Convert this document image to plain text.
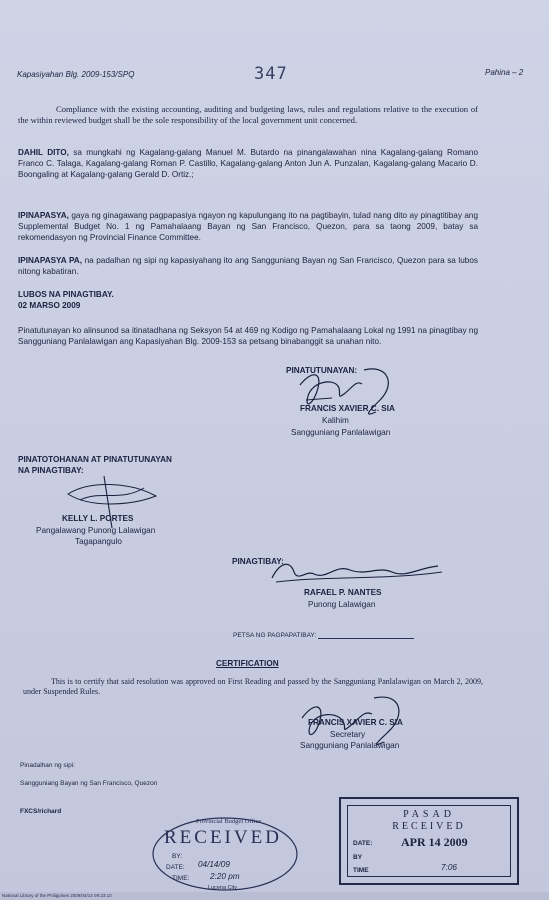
Kapasiyahan Blg. 2009-153/SPQ	347	Pahina – 2
Compliance with the existing accounting, auditing and budgeting laws, rules and regulations relative to the execution of the within reviewed budget shall be the sole responsibility of the local government unit concerned.
DAHIL DITO, sa mungkahi ng Kagalang-galang Manuel M. Butardo na pinangalawahan nina Kagalang-galang Romano Franco C. Talaga, Kagalang-galang Roman P. Castillo, Kagalang-galang Anton Jun A. Punzalan, Kagalang-galang Macario D. Boongaling at Kagalang-galang Gerald D. Ortiz.;
IPINAPASYA, gaya ng ginagawang pagpapasiya ngayon ng kapulungang ito na pagtibayin, tulad nang dito ay pinagtitibay ang Supplemental Budget No. 1 ng Pamahalaang Bayan ng San Francisco, Quezon, para sa taong 2009, batay sa rekomendasyon ng Provincial Finance Committee.
IPINAPASYA PA, na padalhan ng sipi ng kapasiyahang ito ang Sangguniang Bayan ng San Francisco, Quezon para sa lubos nitong kabatiran.
LUBOS NA PINAGTIBAY.
02 MARSO 2009
Pinatutunayan ko alinsunod sa itinatadhana ng Seksyon 54 at 469 ng Kodigo ng Pamahalaang Lokal ng 1991 na pinagtibay ng Sangguniang Panlalawigan ang Kapasiyahan Blg. 2009-153 sa petsang binabanggit sa unahan nito.
PINATUTUNAYAN:
FRANCIS XAVIER C. SIA
Kalihim
Sangguniang Panlalawigan
PINATOTOHANAN AT PINATUTUNAYAN
NA PINAGTIBAY:
KELLY L. PORTES
Pangalawang Punong Lalawigan
Tagapangulo
PINAGTIBAY:
RAFAEL P. NANTES
Punong Lalawigan
PETSA NG PAGPAPATIBAY:
CERTIFICATION
This is to certify that said resolution was approved on First Reading and passed by the Sangguniang Panlalawigan on March 2, 2009, under Suspended Rules.
FRANCIS XAVIER C. SIA
Secretary
Sangguniang Panlalawigan
Pinadalhan ng sipi:
Sangguniang Bayan ng San Francisco, Quezon
FXCS/richard
Provincial Budget Office
RECEIVED
BY:
DATE: 04/14/09
TIME:	2:20 pm
Lucena City
PASAD
RECEIVED
DATE: APR 14 2009
BY
TIME	7:06
National Library of the Philippines 2009/04/14 09:23:10
